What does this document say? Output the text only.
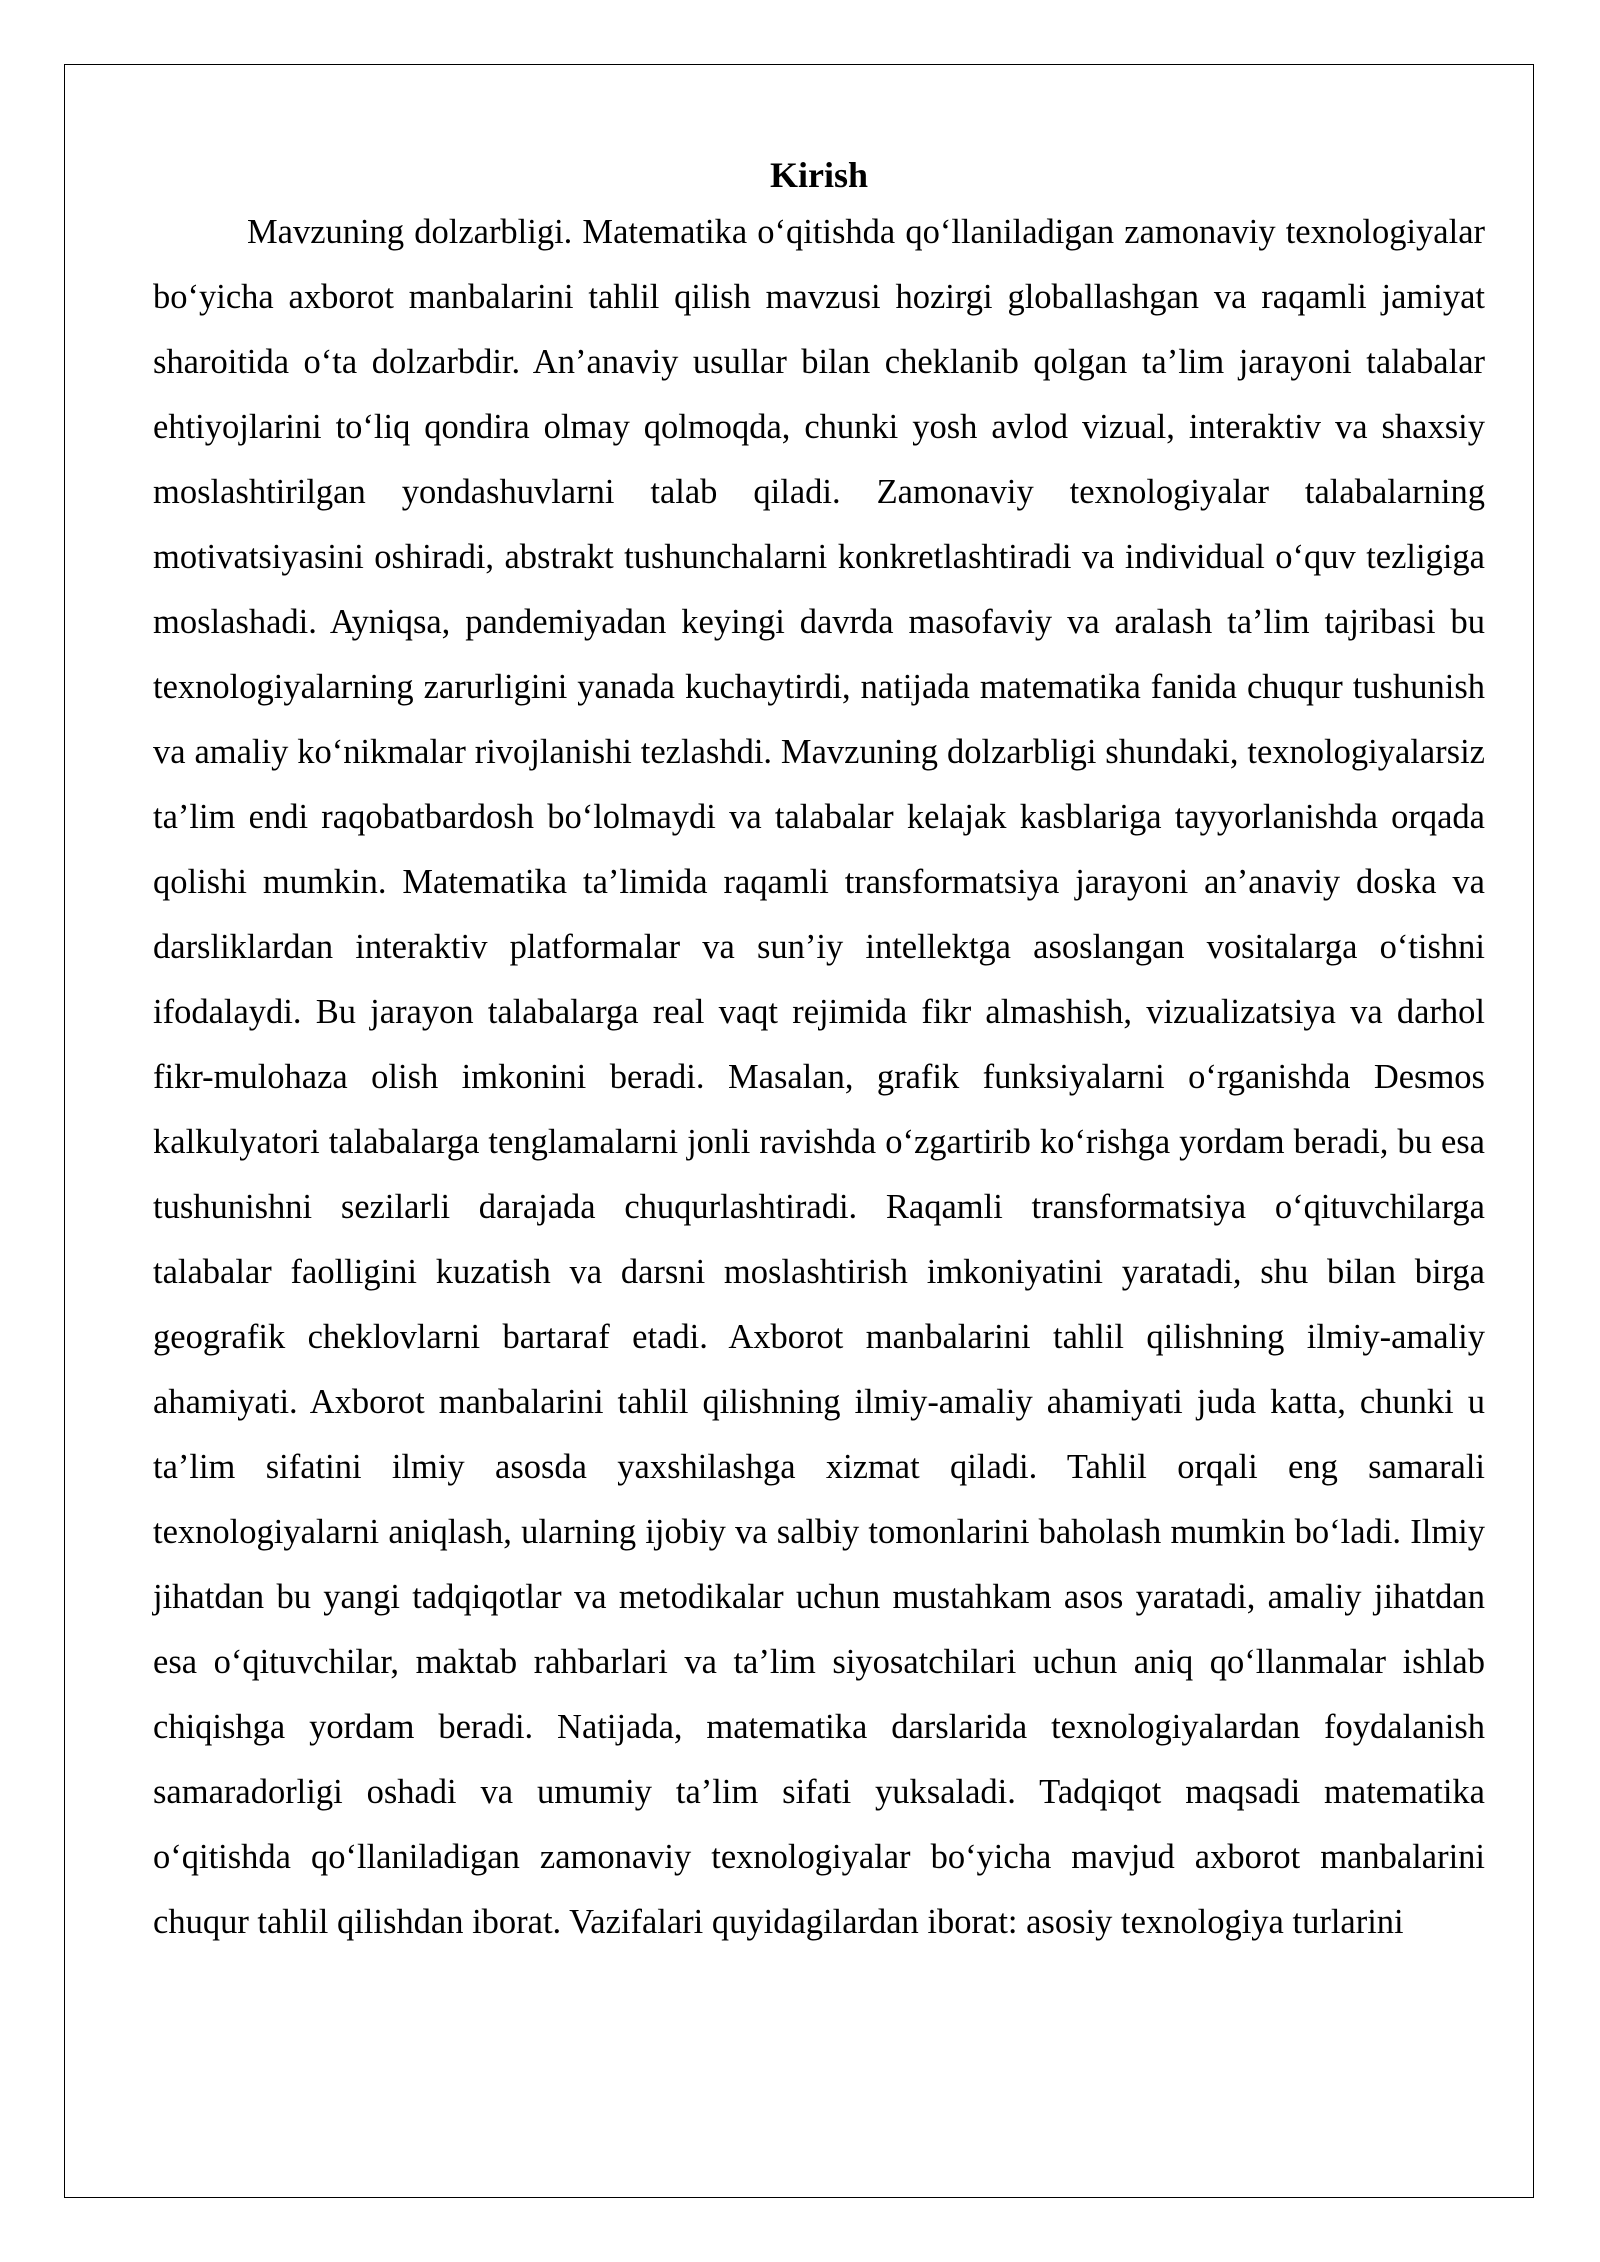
Kirish

Mavzuning dolzarbligi. Matematika o‘qitishda qo‘llaniladigan zamonaviy texnologiyalar bo‘yicha axborot manbalarini tahlil qilish mavzusi hozirgi globallashgan va raqamli jamiyat sharoitida o‘ta dolzarbdir. An’anaviy usullar bilan cheklanib qolgan ta’lim jarayoni talabalar ehtiyojlarini to‘liq qondira olmay qolmoqda, chunki yosh avlod vizual, interaktiv va shaxsiy moslashtirilgan yondashuvlarni talab qiladi. Zamonaviy texnologiyalar talabalarning motivatsiyasini oshiradi, abstrakt tushunchalarni konkretlashtiradi va individual o‘quv tezligiga moslashadi. Ayniqsa, pandemiyadan keyingi davrda masofaviy va aralash ta’lim tajribasi bu texnologiyalarning zarurligini yanada kuchaytirdi, natijada matematika fanida chuqur tushunish va amaliy ko‘nikmalar rivojlanishi tezlashdi. Mavzuning dolzarbligi shundaki, texnologiyalarsiz ta’lim endi raqobatbardosh bo‘lolmaydi va talabalar kelajak kasblariga tayyorlanishda orqada qolishi mumkin. Matematika ta’limida raqamli transformatsiya jarayoni an’anaviy doska va darsliklardan interaktiv platformalar va sun’iy intellektga asoslangan vositalarga o‘tishni ifodalaydi. Bu jarayon talabalarga real vaqt rejimida fikr almashish, vizualizatsiya va darhol fikr-mulohaza olish imkonini beradi. Masalan, grafik funksiyalarni o‘rganishda Desmos kalkulyatori talabalarga tenglamalarni jonli ravishda o‘zgartirib ko‘rishga yordam beradi, bu esa tushunishni sezilarli darajada chuqurlashtiradi. Raqamli transformatsiya o‘qituvchilarga talabalar faolligini kuzatish va darsni moslashtirish imkoniyatini yaratadi, shu bilan birga geografik cheklovlarni bartaraf etadi. Axborot manbalarini tahlil qilishning ilmiy-amaliy ahamiyati. Axborot manbalarini tahlil qilishning ilmiy-amaliy ahamiyati juda katta, chunki u ta’lim sifatini ilmiy asosda yaxshilashga xizmat qiladi. Tahlil orqali eng samarali texnologiyalarni aniqlash, ularning ijobiy va salbiy tomonlarini baholash mumkin bo‘ladi. Ilmiy jihatdan bu yangi tadqiqotlar va metodikalar uchun mustahkam asos yaratadi, amaliy jihatdan esa o‘qituvchilar, maktab rahbarlari va ta’lim siyosatchilari uchun aniq qo‘llanmalar ishlab chiqishga yordam beradi. Natijada, matematika darslarida texnologiyalardan foydalanish samaradorligi oshadi va umumiy ta’lim sifati yuksaladi. Tadqiqot maqsadi matematika o‘qitishda qo‘llaniladigan zamonaviy texnologiyalar bo‘yicha mavjud axborot manbalarini chuqur tahlil qilishdan iborat. Vazifalari quyidagilardan iborat: asosiy texnologiya turlarini
